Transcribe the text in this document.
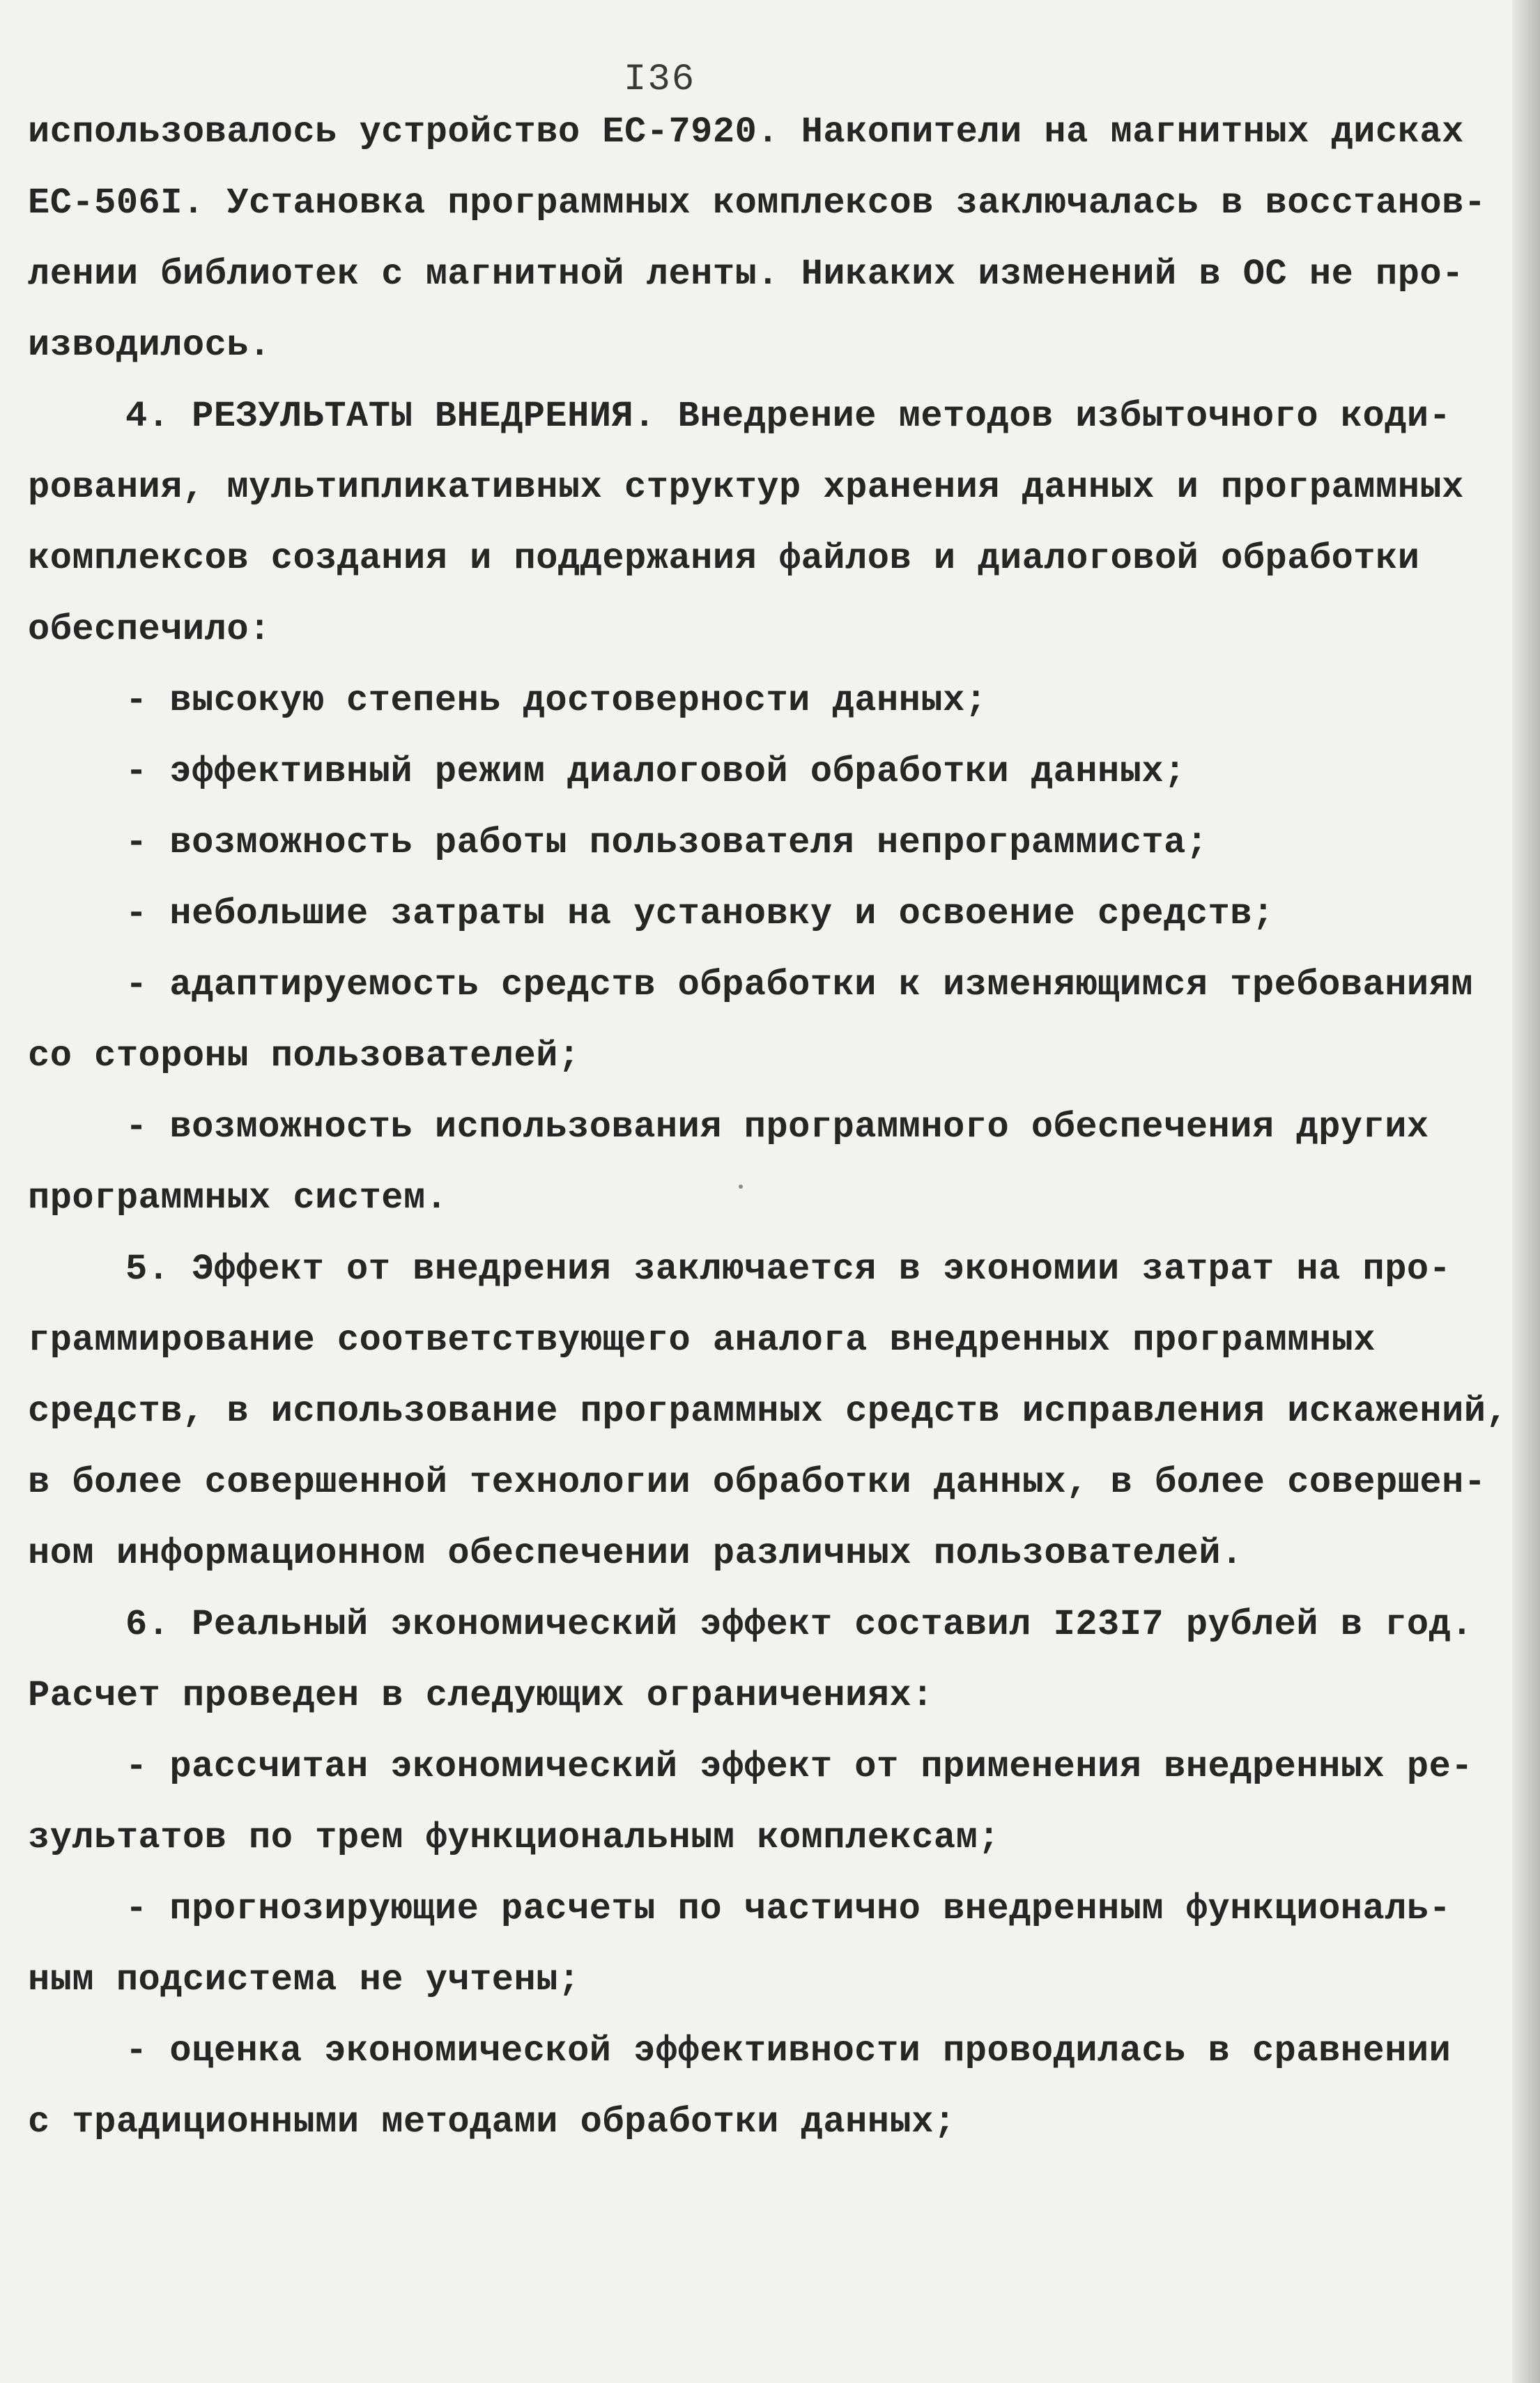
I36
использовалось устройство ЕС-7920. Накопители на магнитных дисках
ЕС-506I. Установка программных комплексов заключалась в восстанов-
лении библиотек с магнитной ленты. Никаких изменений в ОС не про-
изводилось.
4. РЕЗУЛЬТАТЫ ВНЕДРЕНИЯ. Внедрение методов избыточного коди-
рования, мультипликативных структур хранения данных и программных
комплексов создания и поддержания файлов и диалоговой обработки
обеспечило:
- высокую степень достоверности данных;
- эффективный режим диалоговой обработки данных;
- возможность работы пользователя непрограммиста;
- небольшие затраты на установку и освоение средств;
- адаптируемость средств обработки к изменяющимся требованиям
со стороны пользователей;
- возможность использования программного обеспечения других
программных систем.
5. Эффект от внедрения заключается в экономии затрат на про-
граммирование соответствующего аналога внедренных программных
средств, в использование программных средств исправления искажений,
в более совершенной технологии обработки данных, в более совершен-
ном информационном обеспечении различных пользователей.
6. Реальный экономический эффект составил I23I7 рублей в год.
Расчет проведен в следующих ограничениях:
- рассчитан экономический эффект от применения внедренных ре-
зультатов по трем функциональным комплексам;
- прогнозирующие расчеты по частично внедренным функциональ-
ным подсистема не учтены;
- оценка экономической эффективности проводилась в сравнении
с традиционными методами обработки данных;
